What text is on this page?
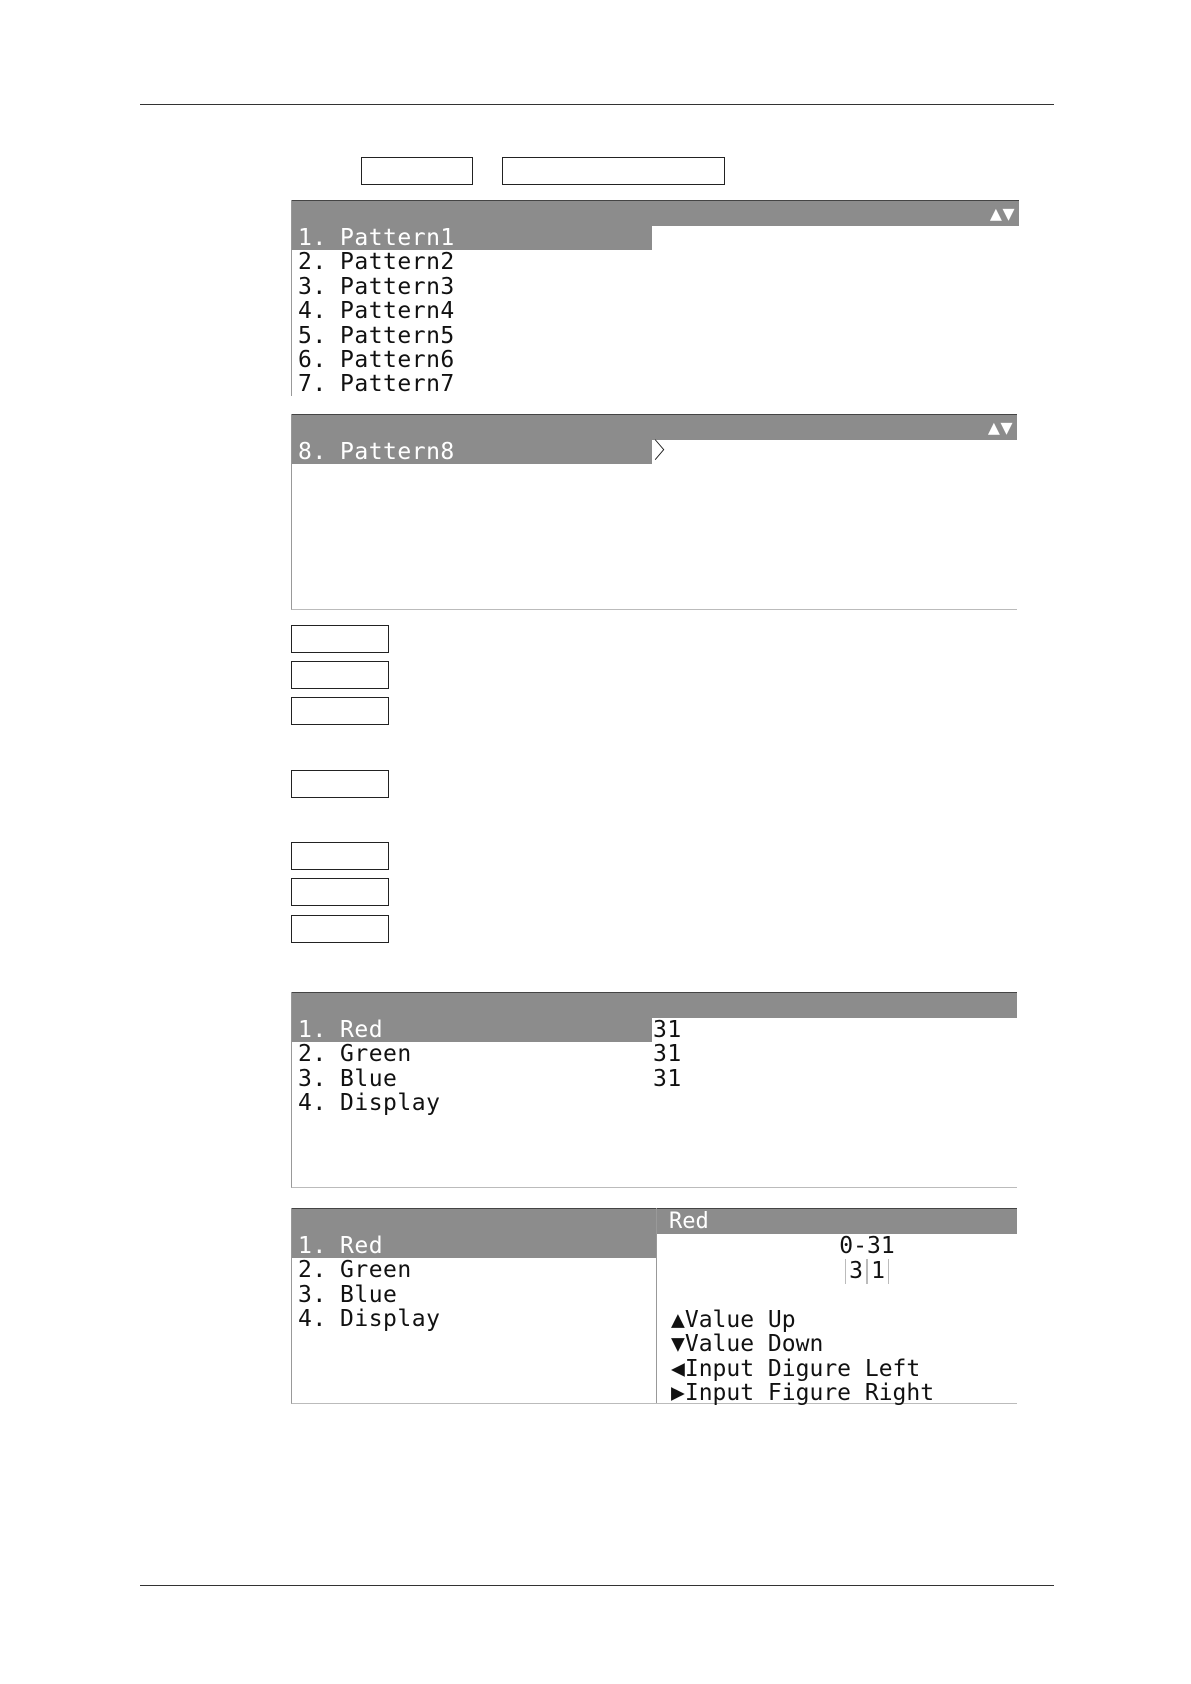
▲▼

1. Pattern1
2. Pattern2
3. Pattern3
4. Pattern4
5. Pattern5
6. Pattern6
7. Pattern7

▲▼

8. Pattern8	〉

1. Red	31
2. Green	31
3. Blue	31
4. Display

1. Red
2. Green
3. Blue
4. Display
Red
0-31
3 1
▲Value Up
▼Value Down
◀Input Digure Left
▶Input Figure Right
